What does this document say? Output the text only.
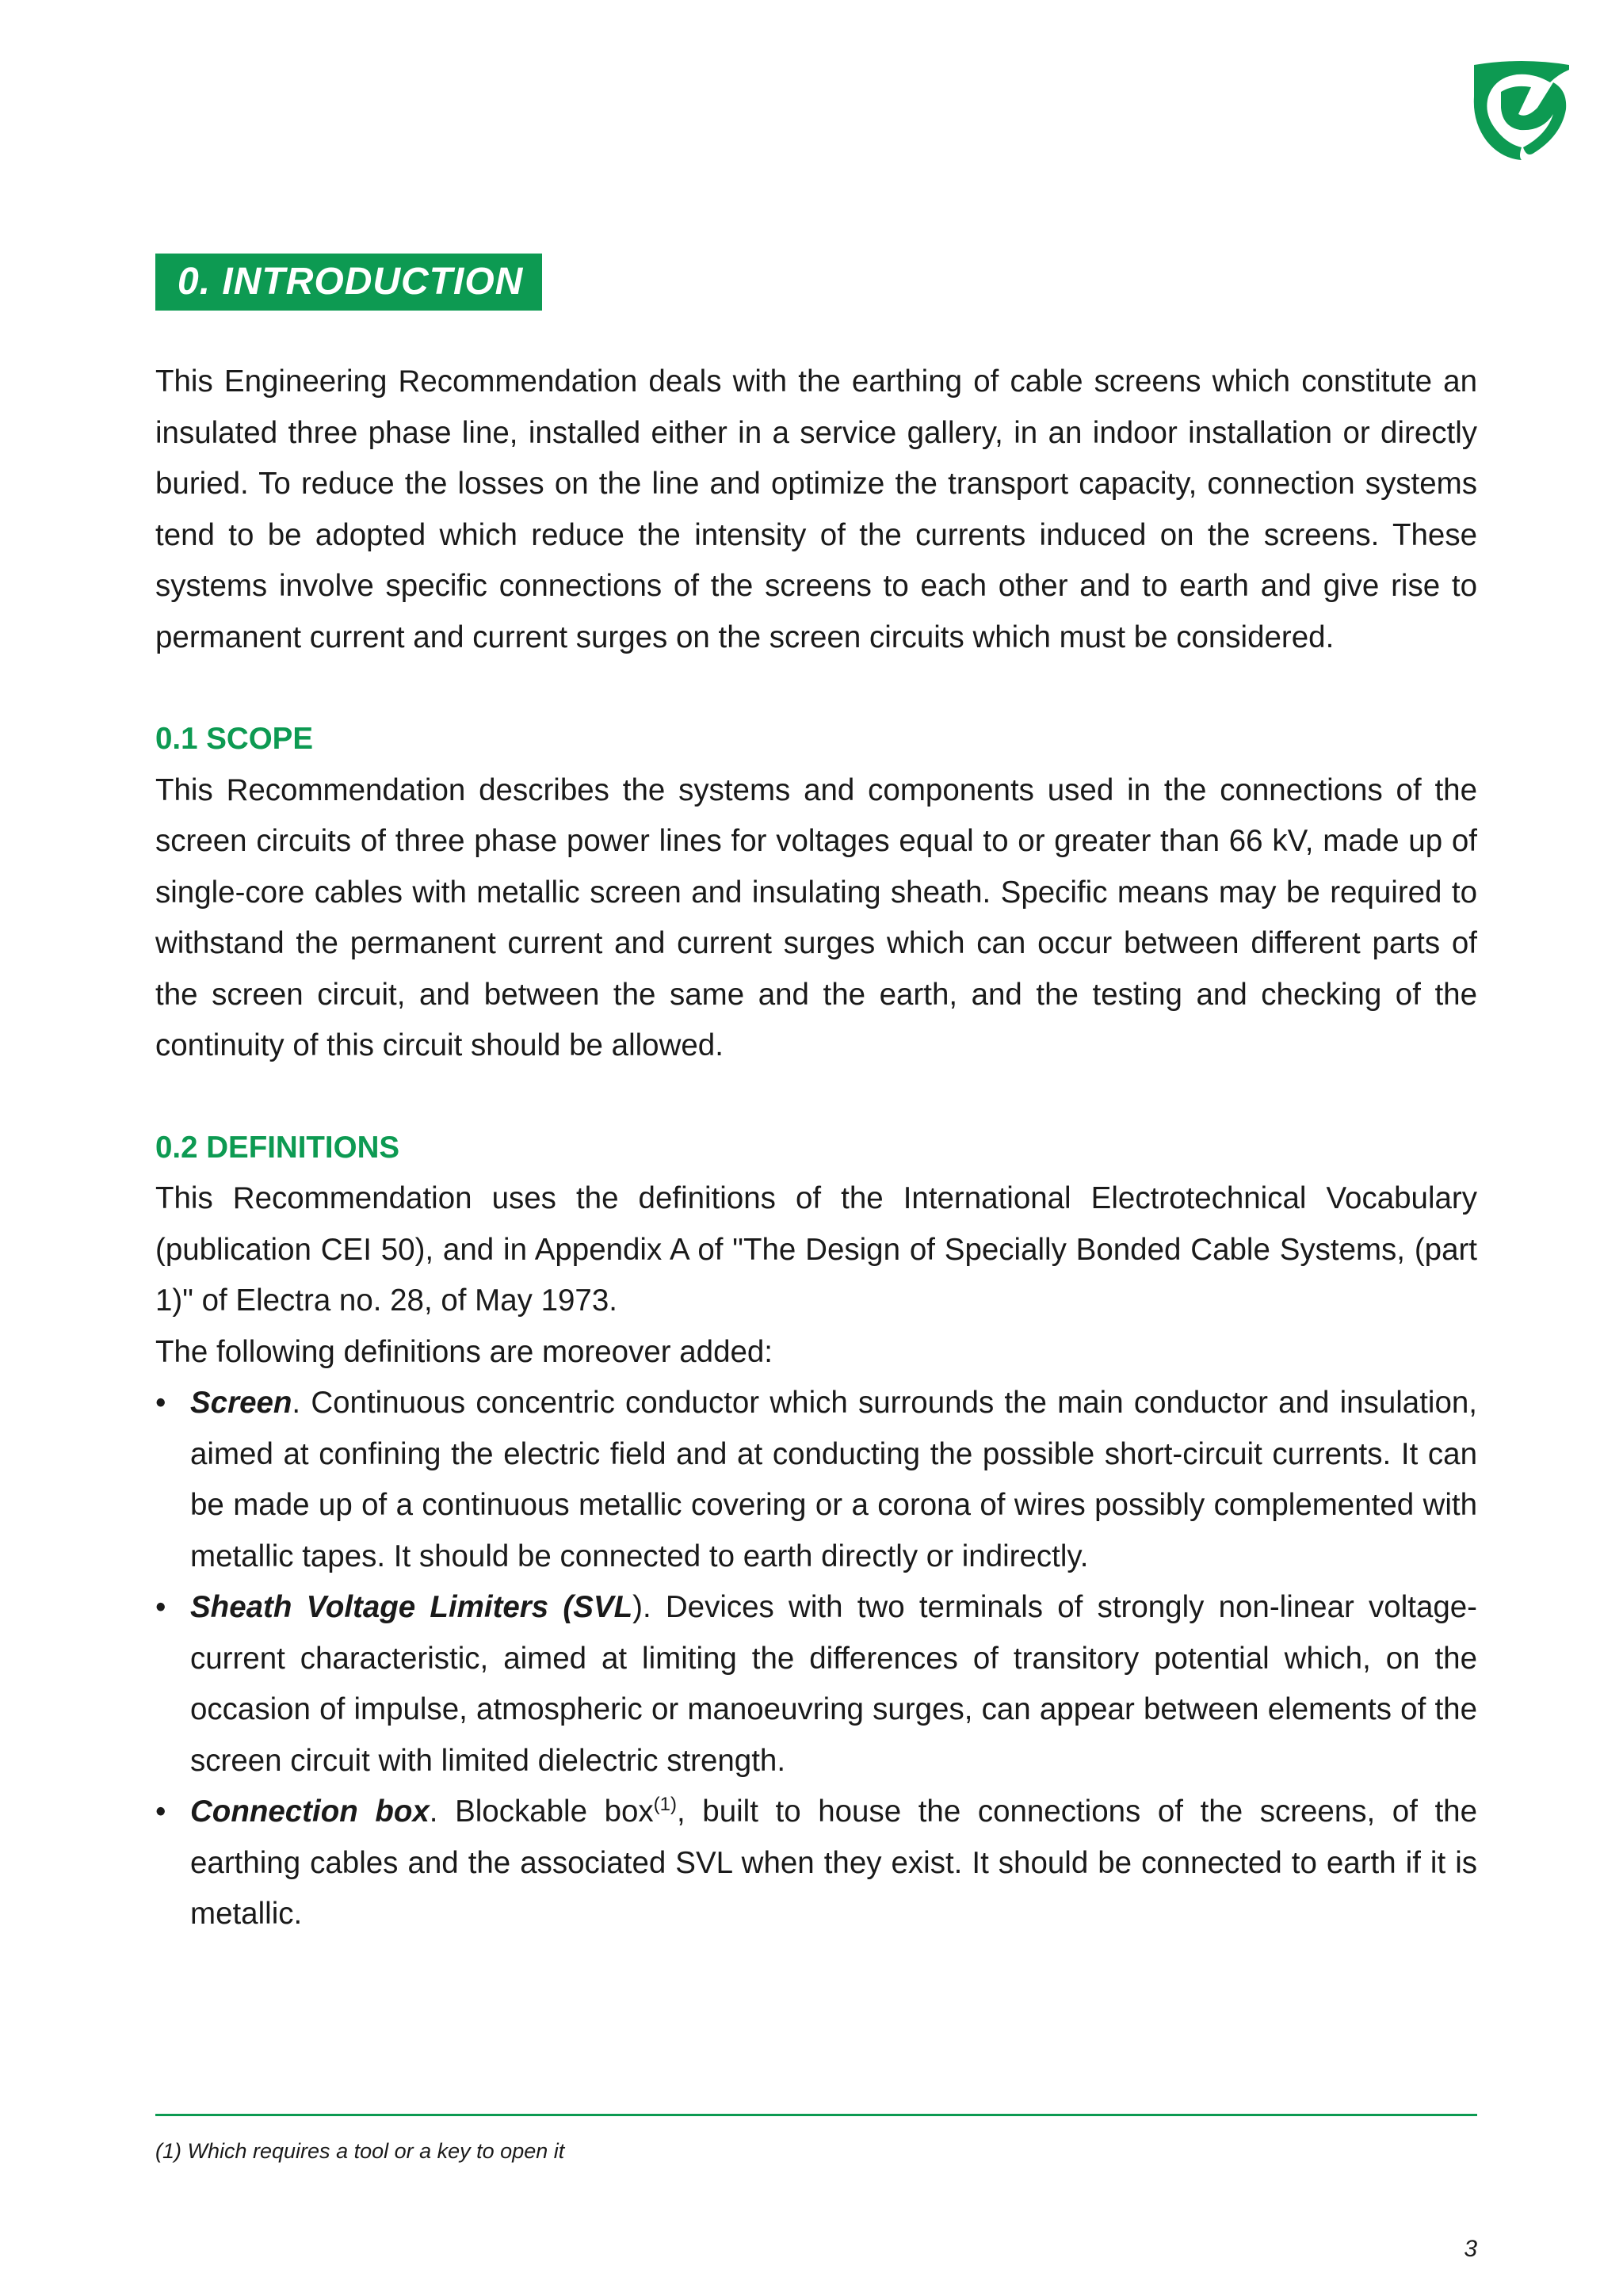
0. INTRODUCTION

This Engineering Recommendation deals with the earthing of cable screens which constitute an insulated three phase line, installed either in a service gallery, in an indoor installation or directly buried. To reduce the losses on the line and optimize the transport capacity, connection systems tend to be adopted which reduce the intensity of the currents induced on the screens. These systems involve specific connections of the screens to each other and to earth and give rise to permanent current and current surges on the screen circuits which must be considered.

0.1 SCOPE

This Recommendation describes the systems and components used in the connections of the screen circuits of three phase power lines for voltages equal to or greater than 66 kV, made up of single-core cables with metallic screen and insulating sheath. Specific means may be required to withstand the permanent current and current surges which can occur between different parts of the screen circuit, and between the same and the earth, and the testing and checking of the continuity of this circuit should be allowed.

0.2 DEFINITIONS

This Recommendation uses the definitions of the International Electrotechnical Vocabulary (publication CEI 50), and in Appendix A of "The Design of Specially Bonded Cable Systems, (part 1)" of Electra no. 28, of May 1973.

The following definitions are moreover added:

• Screen. Continuous concentric conductor which surrounds the main conductor and insulation, aimed at confining the electric field and at conducting the possible short-circuit currents. It can be made up of a continuous metallic covering or a corona of wires possibly complemented with metallic tapes. It should be connected to earth directly or indirectly.
• Sheath Voltage Limiters (SVL). Devices with two terminals of strongly non-linear voltage-current characteristic, aimed at limiting the differences of transitory potential which, on the occasion of impulse, atmospheric or manoeuvring surges, can appear between elements of the screen circuit with limited dielectric strength.
• Connection box. Blockable box$^{(1)}$, built to house the connections of the screens, of the earthing cables and the associated SVL when they exist. It should be connected to earth if it is metallic.
(1) Which requires a tool or a key to open it
3
